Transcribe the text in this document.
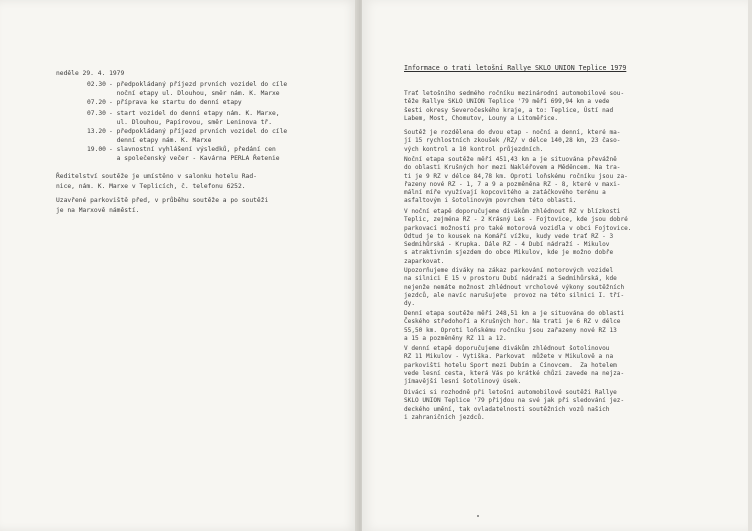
neděle 29. 4. 1979
02.30 - předpokládaný příjezd prvních vozidel do cíle
noční etapy ul. Dlouhou, směr nám. K. Marxe
07.20 - příprava ke startu do denní etapy
07.30 - start vozidel do denní etapy nám. K. Marxe,
ul. Dlouhou, Papírovou, směr Leninova tř.
13.20 - předpokládaný příjezd prvních vozidel do cíle
denní etapy nám. K. Marxe
19.00 - slavnostní vyhlášení výsledků, předání cen
a společenský večer - Kavárna PERLA Řetenie
Ředitelství soutěže je umístěno v salonku hotelu Rad-
nice, nám. K. Marxe v Teplicích, č. telefonu 6252.
Uzavřené parkoviště před, v průběhu soutěže a po soutěži
je na Marxově náměstí.
Informace o trati letošní Rallye SKLO UNION Teplice 1979
Trať letošního sedmého ročníku mezinárodní automobilové sou-
těže Rallye SKLO UNION Teplice '79 měří 699,94 km a vede
šesti okresy Severočeského kraje, a to: Teplice, Ústí nad
Labem, Most, Chomutov, Louny a Litoměřice.
Soutěž je rozdělena do dvou etap - noční a denní, které ma-
jí 15 rychlostních zkoušek /RZ/ v délce 140,28 km, 23 časo-
vých kontrol a 10 kontrol průjezdních.
Noční etapa soutěže měří 451,43 km a je situována převážně
do oblasti Krušných hor mezi Nakléřovem a Měděncem. Na tra-
ti je 9 RZ v délce 84,78 km. Oproti loňskému ročníku jsou za-
řazeny nové RZ - 1, 7 a 9 a pozměněna RZ - 8, které v maxi-
mální míře využívají kopcovitého a zatáčkového terénu a
asfaltovým i šotolinovým povrchem této oblasti.
V noční etapě doporučujeme divákům zhlédnout RZ v blízkosti
Teplic, zejména RZ - 2 Krásný Les - Fojtovice, kde jsou dobré
parkovací možnosti pro také motorová vozidla v obci Fojtovice.
Odtud je to kousek na Komáří vížku, kudy vede trať RZ - 3
Sedmihůrská - Krupka. Dále RZ - 4 Dubí nádraží - Mikulov
s atraktivním sjezdem do obce Mikulov, kde je možno dobře
zaparkovat.
Upozorňujeme diváky na zákaz parkování motorových vozidel
na silnici E 15 v prostoru Dubí nádraží a Sedmihůrská, kde
nejenže nemáte možnost zhlédnout vrcholové výkony soutěžních
jezdců, ale navíc narušujete  provoz na této silnici I. tří-
dy.
Denní etapa soutěže měří 248,51 km a je situována do oblasti
Českého středohoří a Krušných hor. Na trati je 6 RZ v délce
55,50 km. Oproti loňskému ročníku jsou zařazeny nové RZ 13
a 15 a pozměněny RZ 11 a 12.
V denní etapě doporučujeme divákům zhlédnout šotolinovou
RZ 11 Mikulov - Vytiška. Parkovat  můžete v Mikulově a na
parkovišti hotelu Sport mezi Dubím a Cínovcem.  Za hotelem
vede lesní cesta, která Vás po krátké chůzi zavede na nejza-
jímavější lesní šotolinový úsek.
Diváci si rozhodně při letošní automobilové soutěži Rallye
SKLO UNION Teplice '79 přijdou na své jak při sledování jez-
deckého umění, tak ovladatelnosti soutěžních vozů našich
i zahraničních jezdců.
